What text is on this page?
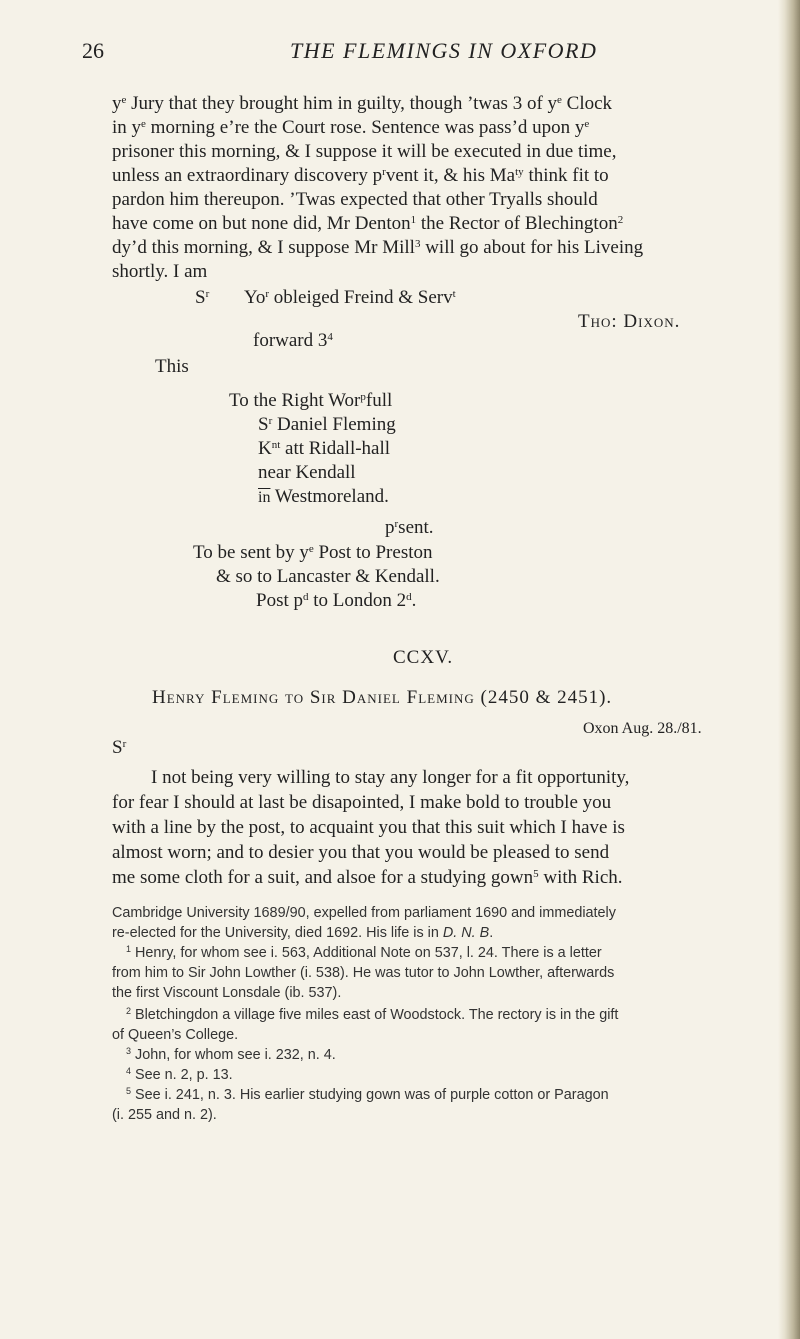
26	THE FLEMINGS IN OXFORD
$y^e$ Jury that they brought him in guilty, though ’twas 3 of $y^e$ Clock
in $y^e$ morning e’re the Court rose. Sentence was pass’d upon $y^e$
prisoner this morning, & I suppose it will be executed in due time,
unless an extraordinary discovery $p^rvent$ it, & his $Ma^{ty}$ think fit to
pardon him thereupon. ’Twas expected that other Tryalls should
have come on but none did, Mr Denton$^1$ the Rector of Blechington$^2$
dy’d this morning, & I suppose Mr Mill$^3$ will go about for his Liveing
shortly. I am
$S^r$ Yo$^r$ obleiged Freind & Serv$^t$
Tho: Dixon.
forward $3^4$
This
To the Right Wor$^p$full
$S^r$ Daniel Fleming
$K^{nt}$ att Ridall-hall
near Kendall
$\overline{in}$ Westmoreland.
$p^rsent$.
To be sent by $y^e$ Post to Preston
& so to Lancaster & Kendall.
Post $p^d$ to London 2$^d$.
CCXV.
Henry Fleming to Sir Daniel Fleming (2450 & 2451).
Oxon Aug. 28./81.
$S^r$
I not being very willing to stay any longer for a fit opportunity,
for fear I should at last be disapointed, I make bold to trouble you
with a line by the post, to acquaint you that this suit which I have is
almost worn; and to desier you that you would be pleased to send
me some cloth for a suit, and alsoe for a studying gown$^5$ with Rich.
Cambridge University 1689/90, expelled from parliament 1690 and immediately
re-elected for the University, died 1692. His life is in D. N. B.
$^1$ Henry, for whom see i. 563, Additional Note on 537, l. 24. There is a letter
from him to Sir John Lowther (i. 538). He was tutor to John Lowther, afterwards
the first Viscount Lonsdale (ib. 537).
$^2$ Bletchingdon a village five miles east of Woodstock. The rectory is in the gift
of Queen’s College.
$^3$ John, for whom see i. 232, n. 4.
$^4$ See n. 2, p. 13.
$^5$ See i. 241, n. 3. His earlier studying gown was of purple cotton or Paragon
(i. 255 and n. 2).
